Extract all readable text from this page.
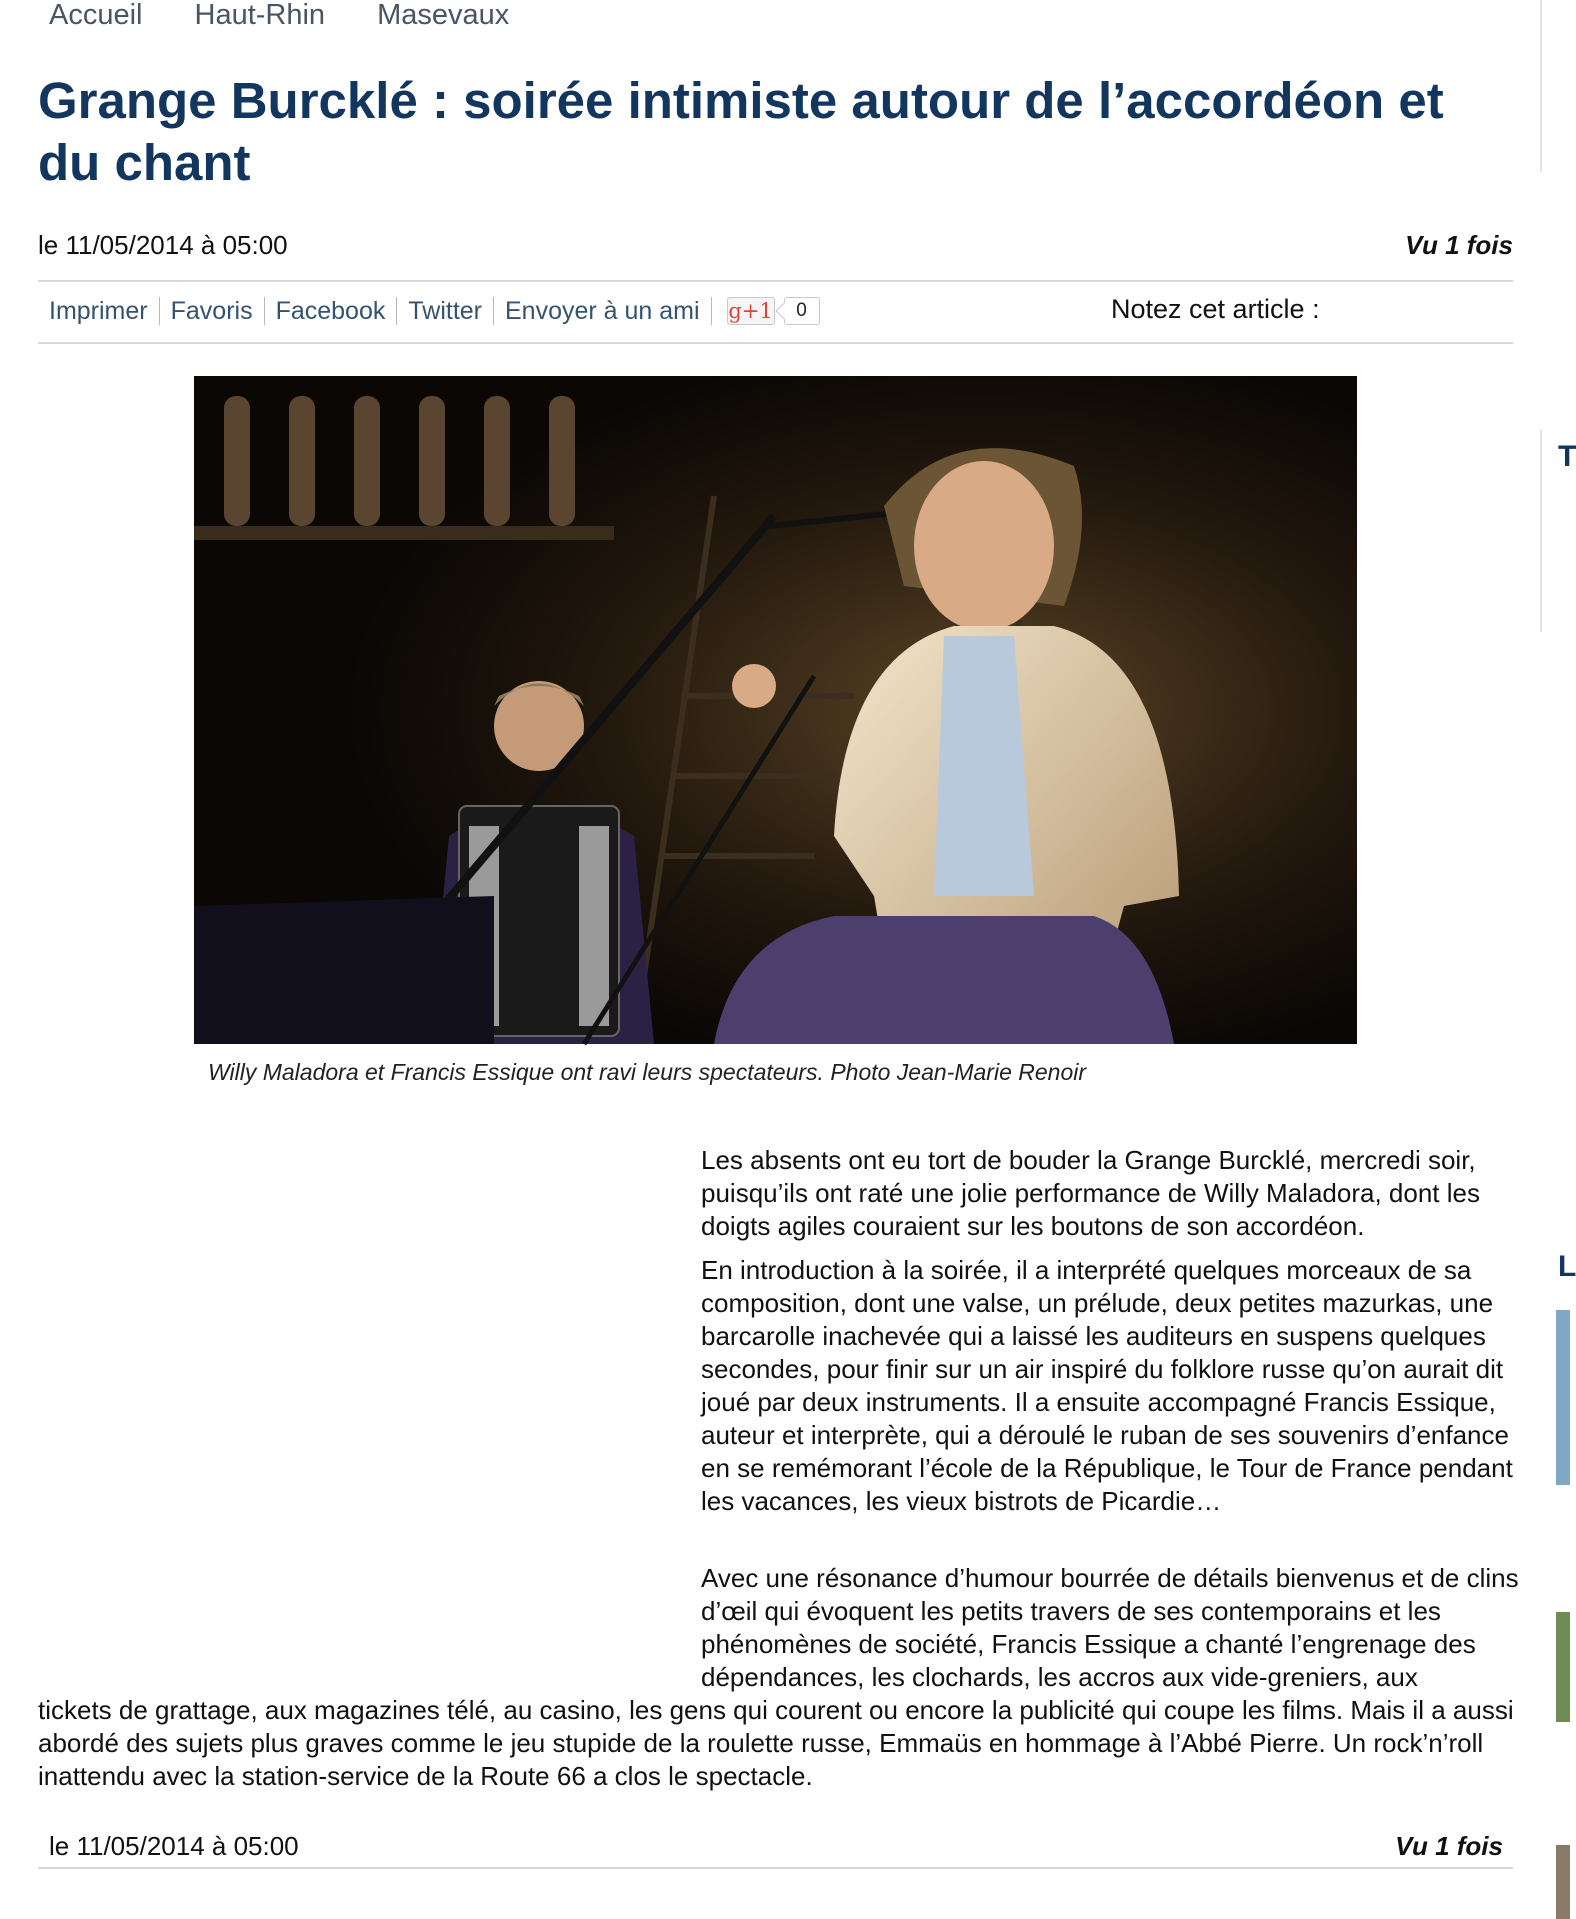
Accueil Haut-Rhin Masevaux
Grange Burcklé : soirée intimiste autour de l’accordéon et du chant
le 11/05/2014 à 05:00	Vu 1 fois
Imprimer Favoris Facebook Twitter Envoyer à un ami g+1 0	Notez cet article :
Willy Maladora et Francis Essique ont ravi leurs spectateurs. Photo Jean-Marie Renoir

Les absents ont eu tort de bouder la Grange Burcklé, mercredi soir, puisqu’ils ont raté une jolie performance de Willy Maladora, dont les doigts agiles couraient sur les boutons de son accordéon.

En introduction à la soirée, il a interprété quelques morceaux de sa composition, dont une valse, un prélude, deux petites mazurkas, une barcarolle inachevée qui a laissé les auditeurs en suspens quelques secondes, pour finir sur un air inspiré du folklore russe qu’on aurait dit joué par deux instruments. Il a ensuite accompagné Francis Essique, auteur et interprète, qui a déroulé le ruban de ses souvenirs d’enfance en se remémorant l’école de la République, le Tour de France pendant les vacances, les vieux bistrots de Picardie…

Avec une résonance d’humour bourrée de détails bienvenus et de clins d’œil qui évoquent les petits travers de ses contemporains et les phénomènes de société, Francis Essique a chanté l’engrenage des dépendances, les clochards, les accros aux vide-greniers, aux

tickets de grattage, aux magazines télé, au casino, les gens qui courent ou encore la publicité qui coupe les films. Mais il a aussi abordé des sujets plus graves comme le jeu stupide de la roulette russe, Emmaüs en hommage à l’Abbé Pierre. Un rock’n’roll inattendu avec la station-service de la Route 66 a clos le spectacle.

le 11/05/2014 à 05:00	Vu 1 fois
T
L
